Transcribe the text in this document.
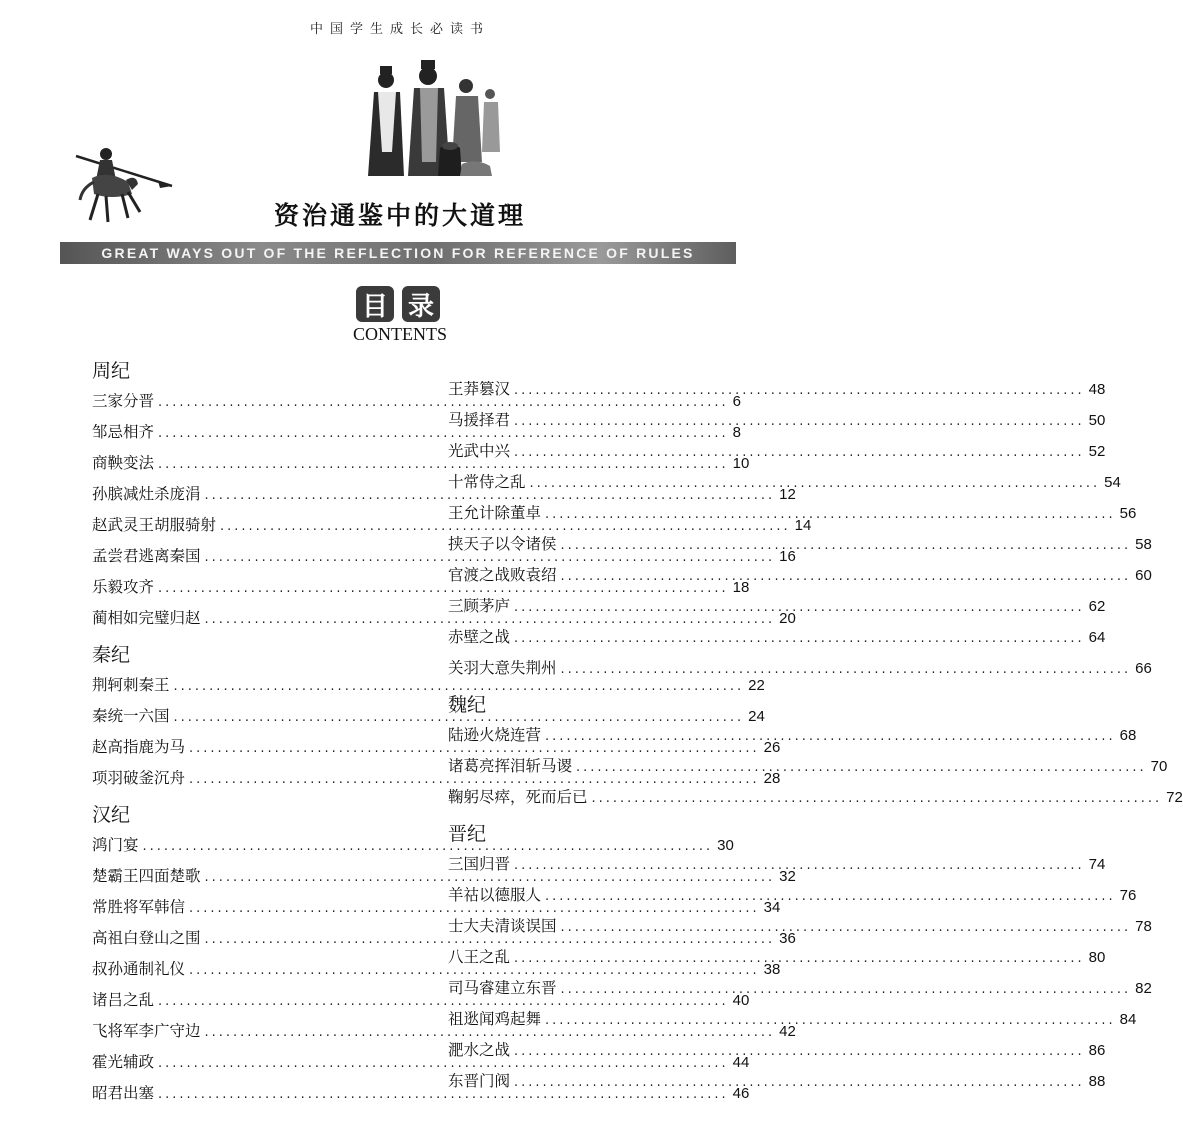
中国学生成长必读书
资治通鉴中的大道理
GREAT WAYS OUT OF THE REFLECTION FOR REFERENCE OF RULES
目 录
CONTENTS
周纪
三家分晋 ................................................................................ 6
邹忌相齐 ................................................................................ 8
商鞅变法 ................................................................................ 10
孙膑减灶杀庞涓 ................................................................................ 12
赵武灵王胡服骑射 ................................................................................ 14
孟尝君逃离秦国 ................................................................................ 16
乐毅攻齐 ................................................................................ 18
蔺相如完璧归赵 ................................................................................ 20
秦纪
荆轲刺秦王 ................................................................................ 22
秦统一六国 ................................................................................ 24
赵高指鹿为马 ................................................................................ 26
项羽破釜沉舟 ................................................................................ 28
汉纪
鸿门宴 ................................................................................ 30
楚霸王四面楚歌 ................................................................................ 32
常胜将军韩信 ................................................................................ 34
高祖白登山之围 ................................................................................ 36
叔孙通制礼仪 ................................................................................ 38
诸吕之乱 ................................................................................ 40
飞将军李广守边 ................................................................................ 42
霍光辅政 ................................................................................ 44
昭君出塞 ................................................................................ 46
王莽篡汉 ................................................................................ 48
马援择君 ................................................................................ 50
光武中兴 ................................................................................ 52
十常侍之乱 ................................................................................ 54
王允计除董卓 ................................................................................ 56
挟天子以令诸侯 ................................................................................ 58
官渡之战败袁绍 ................................................................................ 60
三顾茅庐 ................................................................................ 62
赤壁之战 ................................................................................ 64
关羽大意失荆州 ................................................................................ 66
魏纪
陆逊火烧连营 ................................................................................ 68
诸葛亮挥泪斩马谡 ................................................................................ 70
鞠躬尽瘁，死而后已 ................................................................................ 72
晋纪
三国归晋 ................................................................................ 74
羊祜以德服人 ................................................................................ 76
士大夫清谈误国 ................................................................................ 78
八王之乱 ................................................................................ 80
司马睿建立东晋 ................................................................................ 82
祖逖闻鸡起舞 ................................................................................ 84
淝水之战 ................................................................................ 86
东晋门阀 ................................................................................ 88
